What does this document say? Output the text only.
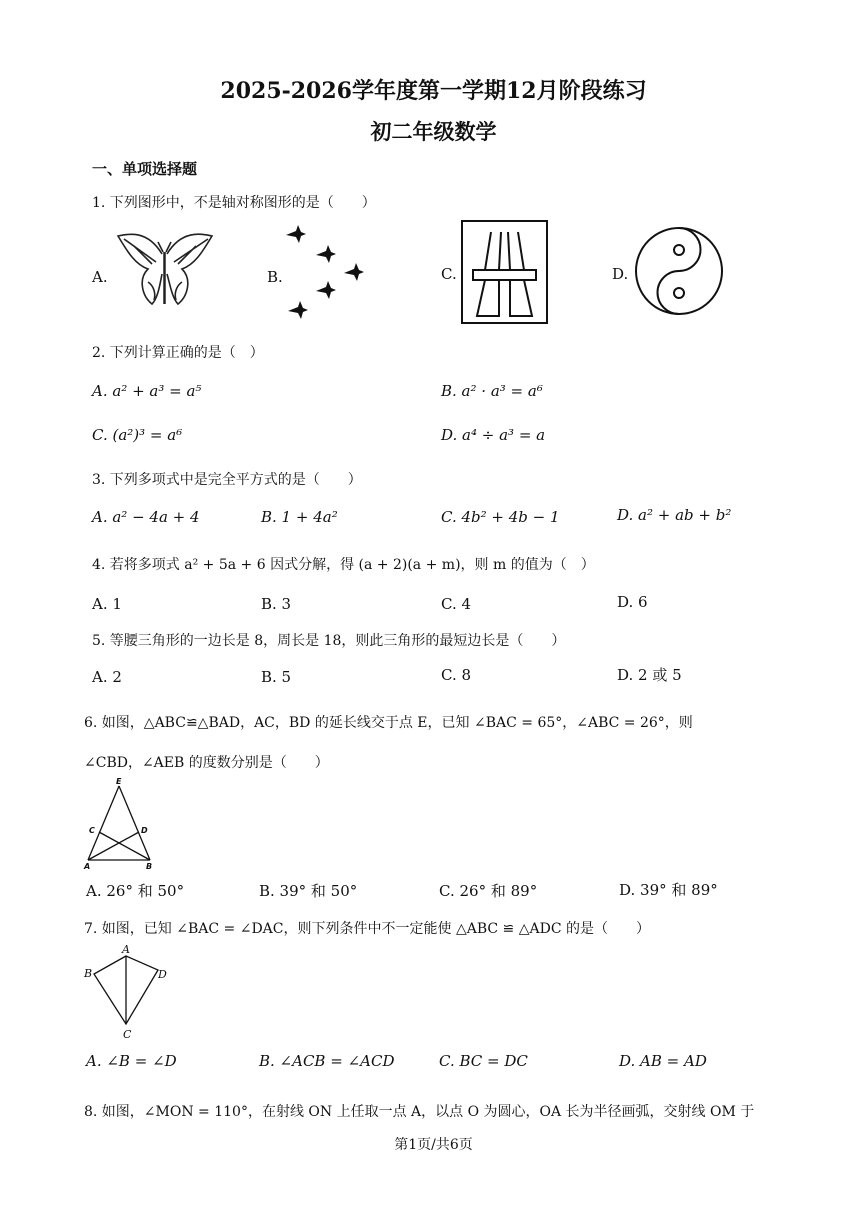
2025-2026学年度第一学期12月阶段练习
初二年级数学
一、单项选择题
1. 下列图形中，不是轴对称图形的是（　　）
A.	B.	C.	D.
2. 下列计算正确的是（　）
A. a² + a³ = a⁵	B. a² · a³ = a⁶
C. (a²)³ = a⁶	D. a⁴ ÷ a³ = a
3. 下列多项式中是完全平方式的是（　　）
A. a² − 4a + 4	B. 1 + 4a²	C. 4b² + 4b − 1	D. a² + ab + b²
4. 若将多项式 a² + 5a + 6 因式分解，得 (a + 2)(a + m)，则 m 的值为（　）
A. 1	B. 3	C. 4	D. 6
5. 等腰三角形的一边长是 8，周长是 18，则此三角形的最短边长是（　　）
A. 2	B. 5	C. 8	D. 2 或 5
6. 如图，△ABC≌△BAD，AC，BD 的延长线交于点 E，已知 ∠BAC = 65°，∠ABC = 26°，则
∠CBD，∠AEB 的度数分别是（　　）
E
C	D
A	B
A. 26° 和 50°	B. 39° 和 50°	C. 26° 和 89°	D. 39° 和 89°
7. 如图，已知 ∠BAC = ∠DAC，则下列条件中不一定能使 △ABC ≌ △ADC 的是（　　）
A
B
C
D
A. ∠B = ∠D	B. ∠ACB = ∠ACD	C. BC = DC	D. AB = AD
8. 如图，∠MON = 110°，在射线 ON 上任取一点 A，以点 O 为圆心，OA 长为半径画弧，交射线 OM 于
第1页/共6页
